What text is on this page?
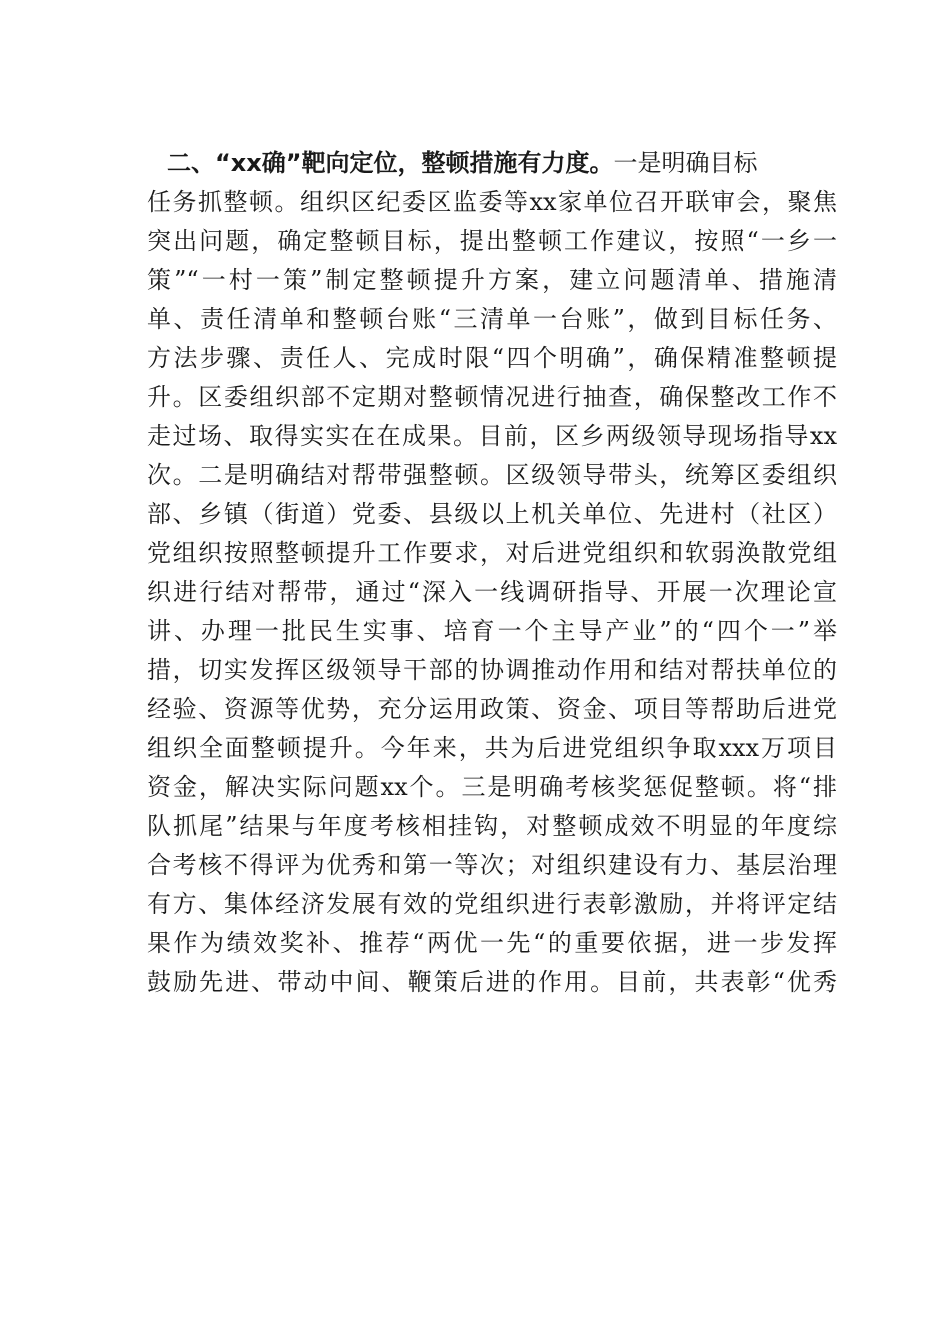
二、“xx确”靶向定位，整顿措施有力度。一是明确目标
任务抓整顿。组织区纪委区监委等xx家单位召开联审会，聚焦
突出问题，确定整顿目标，提出整顿工作建议，按照“一乡一
策”“一村一策”制定整顿提升方案，建立问题清单、措施清
单、责任清单和整顿台账“三清单一台账”，做到目标任务、
方法步骤、责任人、完成时限“四个明确”，确保精准整顿提
升。区委组织部不定期对整顿情况进行抽查，确保整改工作不
走过场、取得实实在在成果。目前，区乡两级领导现场指导xx
次。二是明确结对帮带强整顿。区级领导带头，统筹区委组织
部、乡镇（街道）党委、县级以上机关单位、先进村（社区）
党组织按照整顿提升工作要求，对后进党组织和软弱涣散党组
织进行结对帮带，通过“深入一线调研指导、开展一次理论宣
讲、办理一批民生实事、培育一个主导产业”的“四个一”举
措，切实发挥区级领导干部的协调推动作用和结对帮扶单位的
经验、资源等优势，充分运用政策、资金、项目等帮助后进党
组织全面整顿提升。今年来，共为后进党组织争取xxx万项目
资金，解决实际问题xx个。三是明确考核奖惩促整顿。将“排
队抓尾”结果与年度考核相挂钩，对整顿成效不明显的年度综
合考核不得评为优秀和第一等次；对组织建设有力、基层治理
有方、集体经济发展有效的党组织进行表彰激励，并将评定结
果作为绩效奖补、推荐“两优一先“的重要依据，进一步发挥
鼓励先进、带动中间、鞭策后进的作用。目前，共表彰“优秀
